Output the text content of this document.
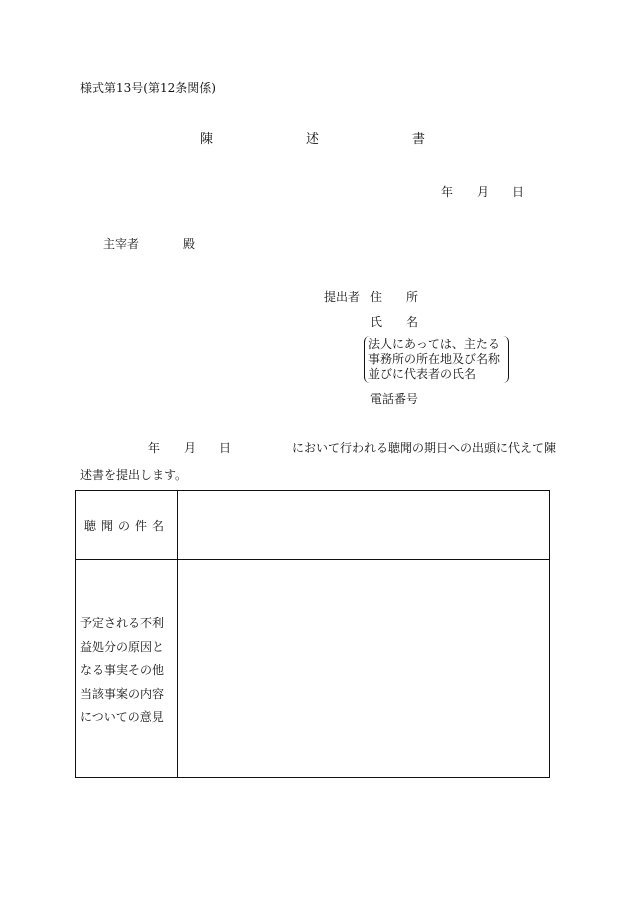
様式第13号(第12条関係)
陳	述	書
年 月 日
主宰者	殿
提出者 住　　所
氏　　名
法人にあっては、主たる
事務所の所在地及び名称
並びに代表者の氏名
電話番号
年 月 日	において行われる聴聞の期日への出頭に代えて陳
述書を提出します。
聴聞の件名
予定される不利
益処分の原因と
なる事実その他
当該事案の内容
についての意見
